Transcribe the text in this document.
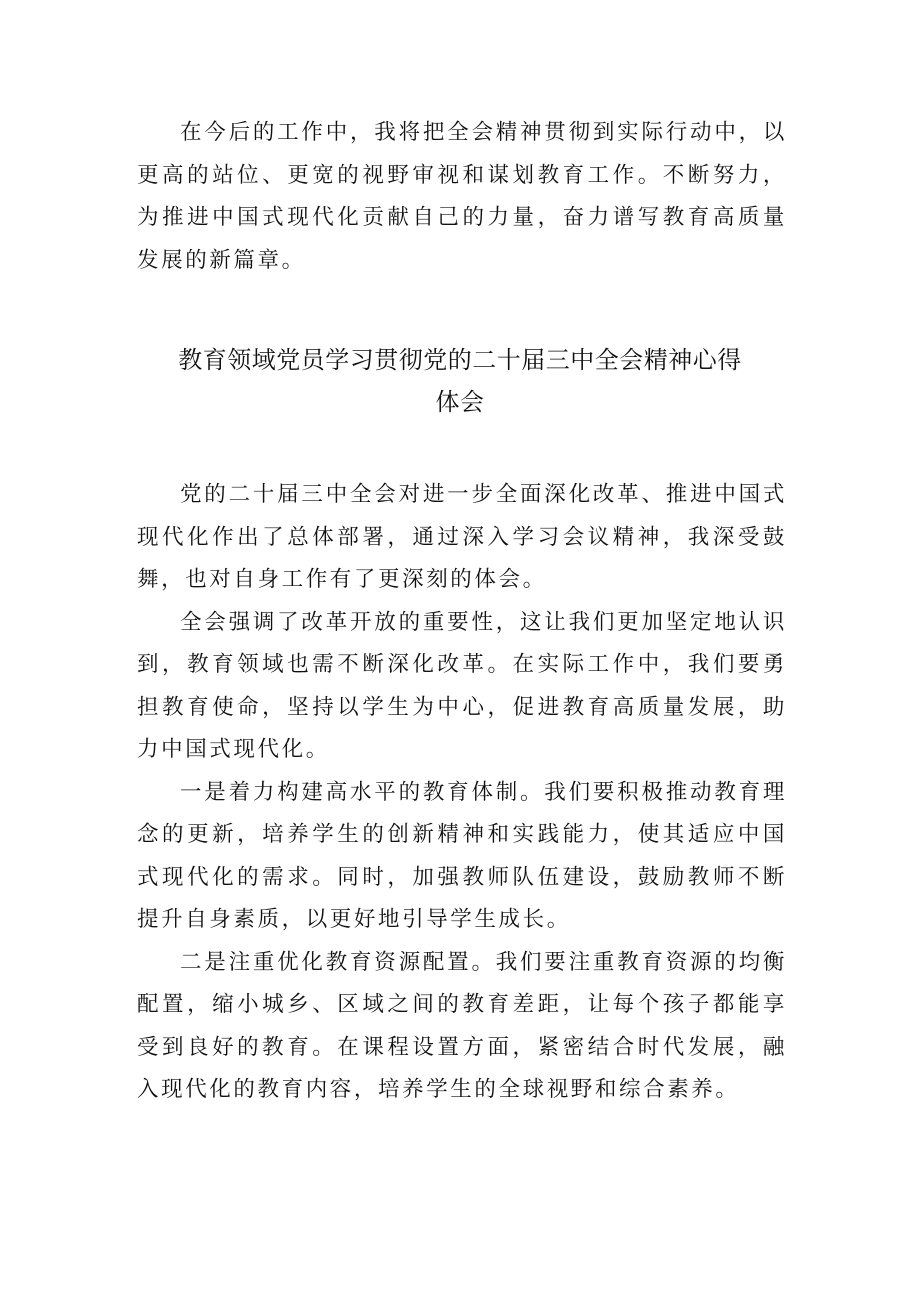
在今后的工作中，我将把全会精神贯彻到实际行动中，以更高的站位、更宽的视野审视和谋划教育工作。不断努力，为推进中国式现代化贡献自己的力量，奋力谱写教育高质量发展的新篇章。

教育领域党员学习贯彻党的二十届三中全会精神心得
体会

党的二十届三中全会对进一步全面深化改革、推进中国式现代化作出了总体部署，通过深入学习会议精神，我深受鼓舞，也对自身工作有了更深刻的体会。

全会强调了改革开放的重要性，这让我们更加坚定地认识到，教育领域也需不断深化改革。在实际工作中，我们要勇担教育使命，坚持以学生为中心，促进教育高质量发展，助力中国式现代化。

一是着力构建高水平的教育体制。我们要积极推动教育理念的更新，培养学生的创新精神和实践能力，使其适应中国式现代化的需求。同时，加强教师队伍建设，鼓励教师不断提升自身素质，以更好地引导学生成长。

二是注重优化教育资源配置。我们要注重教育资源的均衡配置，缩小城乡、区域之间的教育差距，让每个孩子都能享受到良好的教育。在课程设置方面，紧密结合时代发展，融入现代化的教育内容，培养学生的全球视野和综合素养。
